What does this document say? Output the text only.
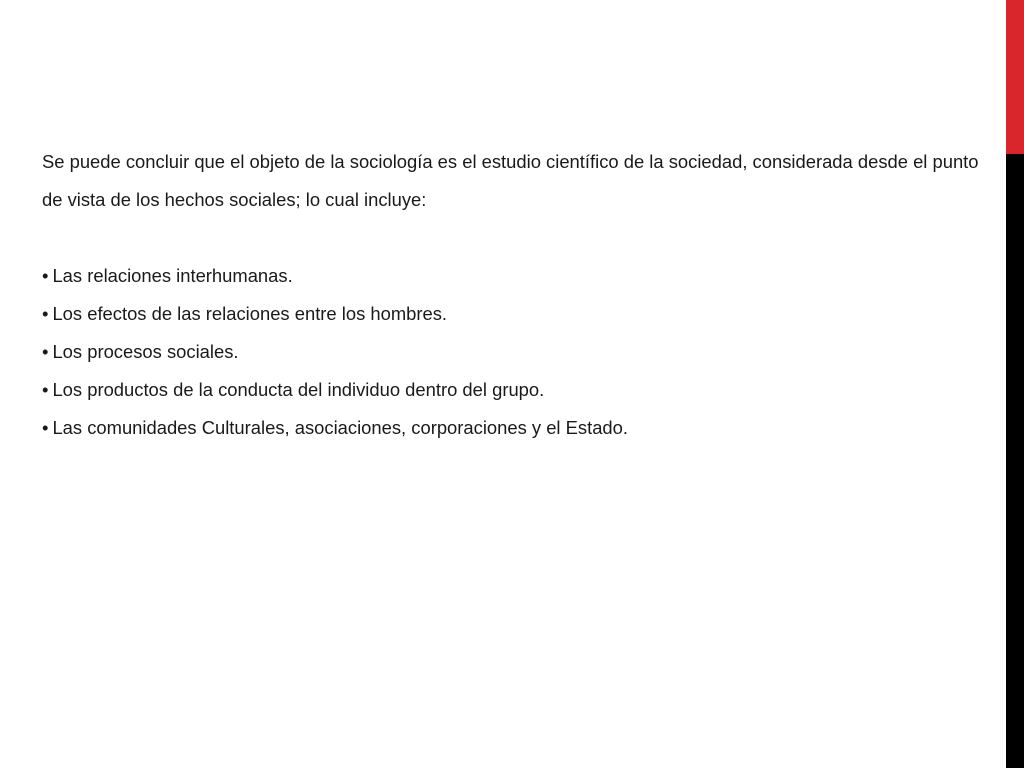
Se puede concluir que el objeto de la sociología es el estudio científico de la sociedad, considerada desde el punto de vista de los hechos sociales; lo cual incluye:

• Las relaciones interhumanas.
• Los efectos de las relaciones entre los hombres.
• Los procesos sociales.
• Los productos de la conducta del individuo dentro del grupo.
• Las comunidades Culturales, asociaciones, corporaciones y el Estado.
